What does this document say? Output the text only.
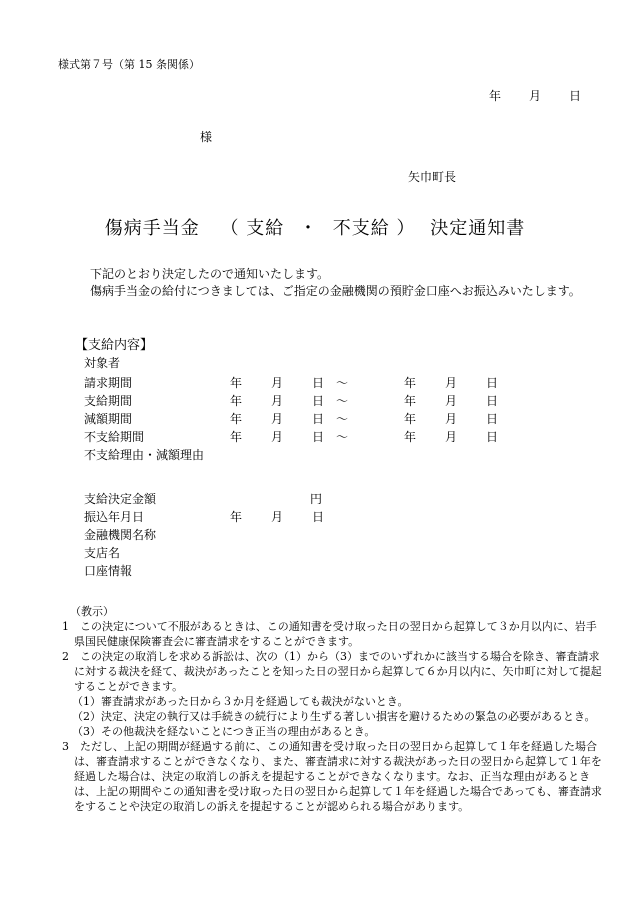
様式第７号（第 15 条関係）
年 月 日
様
矢巾町長
傷病手当金 （ 支給 ・ 不支給 ） 決定通知書

下記のとおり決定したので通知いたします。

傷病手当金の給付につきましては、ご指定の金融機関の預貯金口座へお振込みいたします。

【支給内容】
対象者
請求期間	年 月 日 ～	年 月 日
支給期間	年 月 日 ～	年 月 日
減額期間	年 月 日 ～	年 月 日
不支給期間	年 月 日 ～	年 月 日
不支給理由・減額理由
支給決定金額	円
振込年月日	年 月 日
金融機関名称
支店名
口座情報

（教示）

1　この決定について不服があるときは、この通知書を受け取った日の翌日から起算して３か月以内に、岩手県国民健康保険審査会に審査請求をすることができます。

2　この決定の取消しを求める訴訟は、次の（1）から（3）までのいずれかに該当する場合を除き、審査請求に対する裁決を経て、裁決があったことを知った日の翌日から起算して６か月以内に、矢巾町に対して提起することができます。

（1）審査請求があった日から３か月を経過しても裁決がないとき。

（2）決定、決定の執行又は手続きの続行により生ずる著しい損害を避けるための緊急の必要があるとき。

（3）その他裁決を経ないことにつき正当の理由があるとき。

3　ただし、上記の期間が経過する前に、この通知書を受け取った日の翌日から起算して１年を経過した場合は、審査請求することができなくなり、また、審査請求に対する裁決があった日の翌日から起算して１年を経過した場合は、決定の取消しの訴えを提起することができなくなります。なお、正当な理由があるときは、上記の期間やこの通知書を受け取った日の翌日から起算して１年を経過した場合であっても、審査請求をすることや決定の取消しの訴えを提起することが認められる場合があります。
